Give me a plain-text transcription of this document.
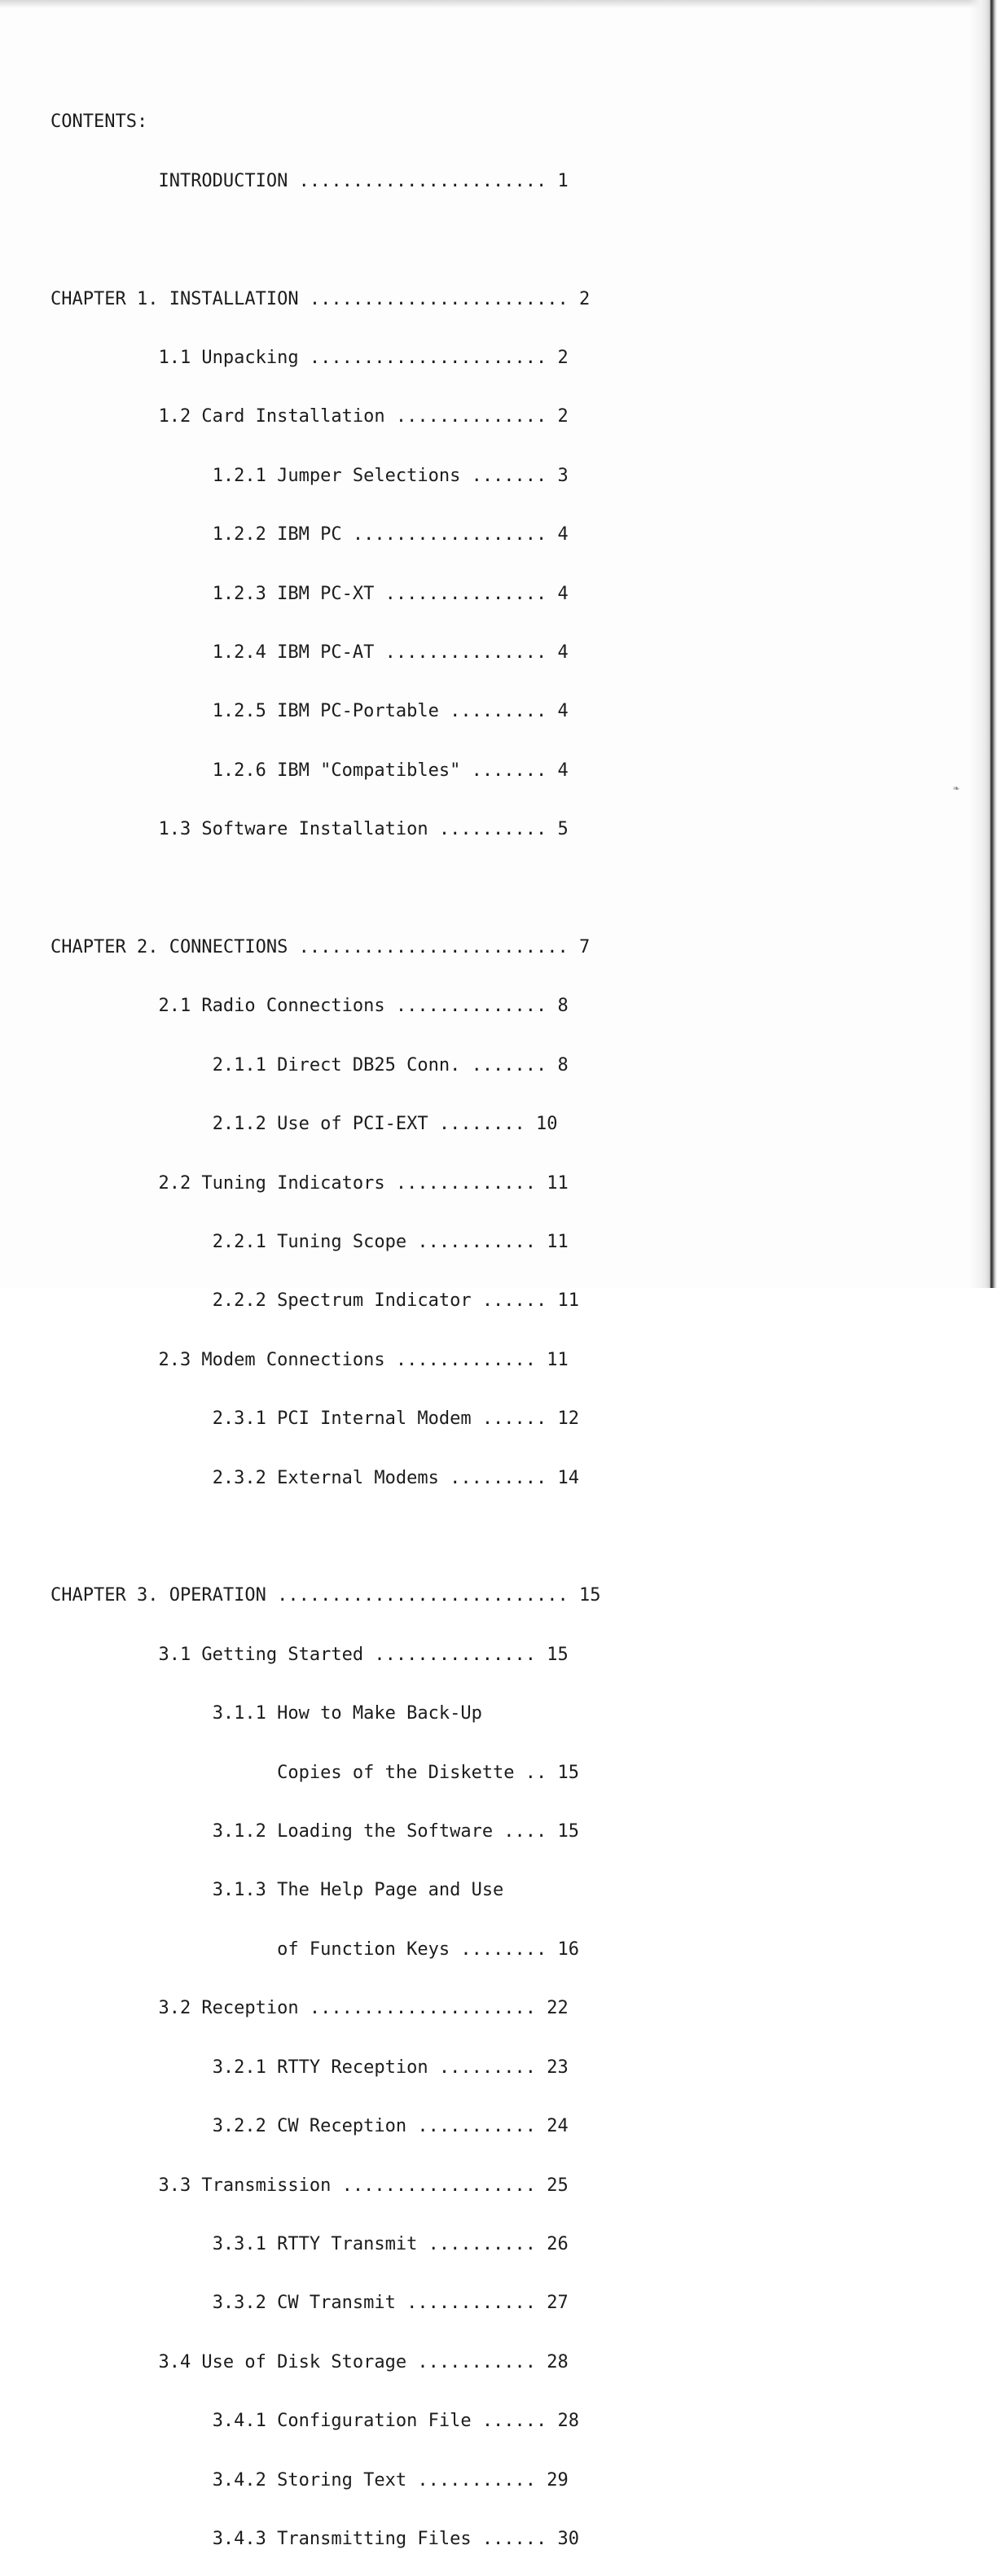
❧

CONTENTS:

INTRODUCTION ....................... 1

CHAPTER 1. INSTALLATION ........................ 2

1.1 Unpacking ...................... 2

1.2 Card Installation .............. 2

1.2.1 Jumper Selections ....... 3

1.2.2 IBM PC .................. 4

1.2.3 IBM PC-XT ............... 4

1.2.4 IBM PC-AT ............... 4

1.2.5 IBM PC-Portable ......... 4

1.2.6 IBM "Compatibles" ....... 4

1.3 Software Installation .......... 5

CHAPTER 2. CONNECTIONS ......................... 7

2.1 Radio Connections .............. 8

2.1.1 Direct DB25 Conn. ....... 8

2.1.2 Use of PCI-EXT ........ 10

2.2 Tuning Indicators ............. 11

2.2.1 Tuning Scope ........... 11

2.2.2 Spectrum Indicator ...... 11

2.3 Modem Connections ............. 11

2.3.1 PCI Internal Modem ...... 12

2.3.2 External Modems ......... 14

CHAPTER 3. OPERATION ........................... 15

3.1 Getting Started ............... 15

3.1.1 How to Make Back-Up

Copies of the Diskette .. 15

3.1.2 Loading the Software .... 15

3.1.3 The Help Page and Use

of Function Keys ........ 16

3.2 Reception ..................... 22

3.2.1 RTTY Reception ......... 23

3.2.2 CW Reception ........... 24

3.3 Transmission .................. 25

3.3.1 RTTY Transmit .......... 26

3.3.2 CW Transmit ............ 27

3.4 Use of Disk Storage ........... 28

3.4.1 Configuration File ...... 28

3.4.2 Storing Text ........... 29

3.4.3 Transmitting Files ...... 30
